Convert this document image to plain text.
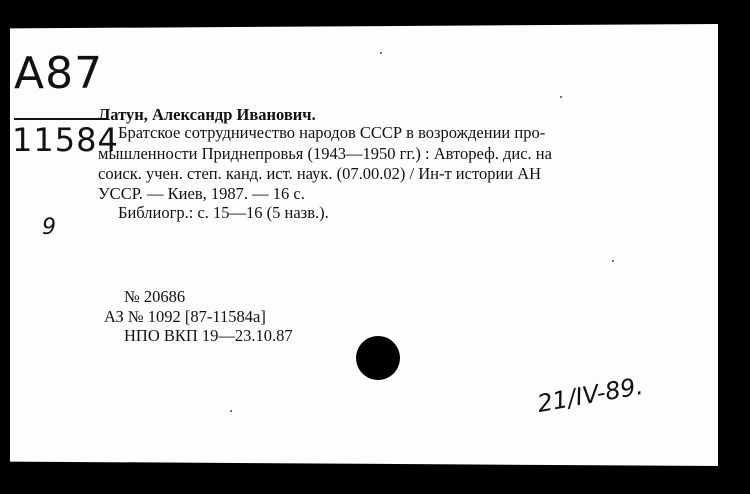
А87
11584
9
Латун, Александр Иванович.
Братское сотрудничество народов СССР в возрождении про-
мышленности Приднепровья (1943—1950 гг.) : Автореф. дис. на
соиск. учен. степ. канд. ист. наук. (07.00.02) / Ин-т истории АН
УССР. — Киев, 1987. — 16 с.
Библиогр.: с. 15—16 (5 назв.).
№ 20686
АЗ № 1092 [87-11584а]
НПО ВКП 19—23.10.87
21/IV-89.
